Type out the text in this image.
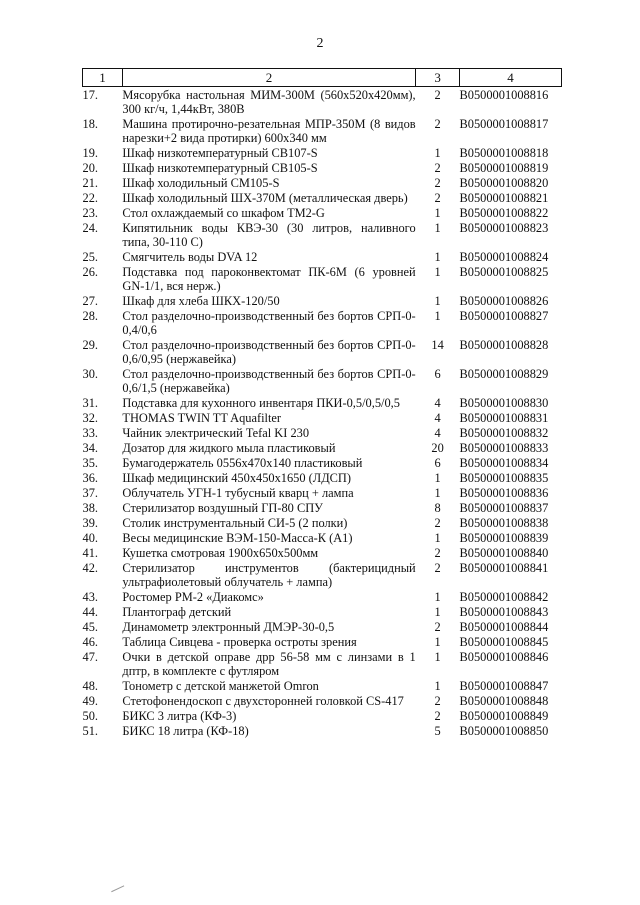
2
1	2	3	4
17.	Мясорубка настольная МИМ-300М (560x520x420мм), 300 кг/ч, 1,44кВт, 380В	2	B0500001008816
18.	Машина протирочно-резательная МПР-350М (8 видов нарезки+2 вида протирки) 600x340 мм	2	B0500001008817
19.	Шкаф низкотемпературный СВ107-S	1	B0500001008818
20.	Шкаф низкотемпературный СВ105-S	2	B0500001008819
21.	Шкаф холодильный СМ105-S	2	B0500001008820
22.	Шкаф холодильный ШХ-370М (металлическая дверь)	2	B0500001008821
23.	Стол охлаждаемый со шкафом ТМ2-G	1	B0500001008822
24.	Кипятильник воды КВЭ-30 (30 литров, наливного типа, 30-110 С)	1	B0500001008823
25.	Смягчитель воды DVA 12	1	B0500001008824
26.	Подставка под пароконвектомат ПК-6М (6 уровней GN-1/1, вся нерж.)	1	B0500001008825
27.	Шкаф для хлеба ШКХ-120/50	1	B0500001008826
28.	Стол разделочно-производственный без бортов СРП-0-0,4/0,6	1	B0500001008827
29.	Стол разделочно-производственный без бортов СРП-0-0,6/0,95 (нержавейка)	14	B0500001008828
30.	Стол разделочно-производственный без бортов СРП-0-0,6/1,5 (нержавейка)	6	B0500001008829
31.	Подставка для кухонного инвентаря ПКИ-0,5/0,5/0,5	4	B0500001008830
32.	THOMAS TWIN TT Aquafilter	4	B0500001008831
33.	Чайник электрический Tefal KI 230	4	B0500001008832
34.	Дозатор для жидкого мыла пластиковый	20	B0500001008833
35.	Бумагодержатель 0556x470x140 пластиковый	6	B0500001008834
36.	Шкаф медицинский 450x450x1650 (ЛДСП)	1	B0500001008835
37.	Облучатель УГН-1 тубусный кварц + лампа	1	B0500001008836
38.	Стерилизатор воздушный ГП-80 СПУ	8	B0500001008837
39.	Столик инструментальный СИ-5 (2 полки)	2	B0500001008838
40.	Весы медицинские ВЭМ-150-Масса-К (А1)	1	B0500001008839
41.	Кушетка смотровая 1900x650x500мм	2	B0500001008840
42.	Стерилизатор инструментов (бактерицидный ультрафиолетовый облучатель + лампа)	2	B0500001008841
43.	Ростомер РМ-2 «Диакомс»	1	B0500001008842
44.	Плантограф детский	1	B0500001008843
45.	Динамометр электронный ДМЭР-30-0,5	2	B0500001008844
46.	Таблица Сивцева - проверка остроты зрения	1	B0500001008845
47.	Очки в детской оправе дрр 56-58 мм с линзами в 1 дптр, в комплекте с футляром	1	B0500001008846
48.	Тонометр с детской манжетой Omron	1	B0500001008847
49.	Стетофонендоскоп с двухсторонней головкой CS-417	2	B0500001008848
50.	БИКС 3 литра (КФ-3)	2	B0500001008849
51.	БИКС 18 литра (КФ-18)	5	B0500001008850
